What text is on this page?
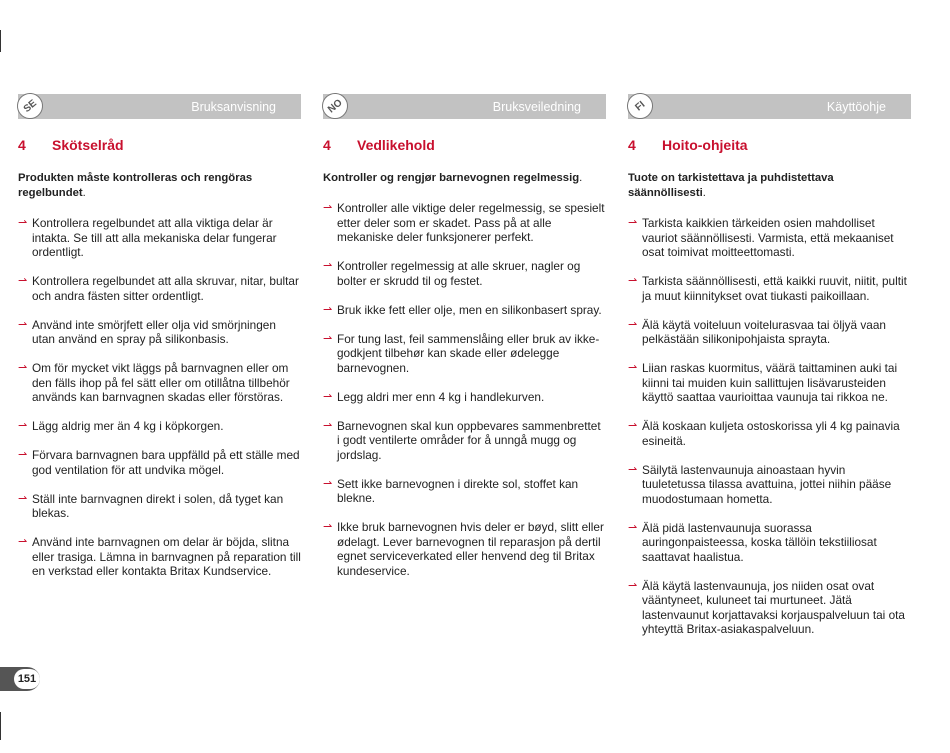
SE	Bruksanvisning
4	Skötselråd
Produkten måste kontrolleras och rengöras regelbundet.
⇀ Kontrollera regelbundet att alla viktiga delar är intakta. Se till att alla mekaniska delar fungerar ordentligt.
⇀ Kontrollera regelbundet att alla skruvar, nitar, bultar och andra fästen sitter ordentligt.
⇀ Använd inte smörjfett eller olja vid smörjningen utan använd en spray på silikonbasis.
⇀ Om för mycket vikt läggs på barnvagnen eller om den fälls ihop på fel sätt eller om otillåtna tillbehör används kan barnvagnen skadas eller förstöras.
⇀ Lägg aldrig mer än 4 kg i köpkorgen.
⇀ Förvara barnvagnen bara uppfälld på ett ställe med god ventilation för att undvika mögel.
⇀ Ställ inte barnvagnen direkt i solen, då tyget kan blekas.
⇀ Använd inte barnvagnen om delar är böjda, slitna eller trasiga. Lämna in barnvagnen på reparation till en verkstad eller kontakta Britax Kundservice.
NO	Bruksveiledning
4	Vedlikehold
Kontroller og rengjør barnevognen regelmessig.
⇀ Kontroller alle viktige deler regelmessig, se spesielt etter deler som er skadet. Pass på at alle mekaniske deler funksjonerer perfekt.
⇀ Kontroller regelmessig at alle skruer, nagler og bolter er skrudd til og festet.
⇀ Bruk ikke fett eller olje, men en silikonbasert spray.
⇀ For tung last, feil sammenslåing eller bruk av ikke-godkjent tilbehør kan skade eller ødelegge barnevognen.
⇀ Legg aldri mer enn 4 kg i handlekurven.
⇀ Barnevognen skal kun oppbevares sammenbrettet i godt ventilerte områder for å unngå mugg og jordslag.
⇀ Sett ikke barnevognen i direkte sol, stoffet kan blekne.
⇀ Ikke bruk barnevognen hvis deler er bøyd, slitt eller ødelagt. Lever barnevognen til reparasjon på dertil egnet serviceverkated eller henvend deg til Britax kundeservice.
FI	Käyttöohje
4	Hoito-ohjeita
Tuote on tarkistettava ja puhdistettava säännöllisesti.
⇀ Tarkista kaikkien tärkeiden osien mahdolliset vauriot säännöllisesti. Varmista, että mekaaniset osat toimivat moitteettomasti.
⇀ Tarkista säännöllisesti, että kaikki ruuvit, niitit, pultit ja muut kiinnitykset ovat tiukasti paikoillaan.
⇀ Älä käytä voiteluun voitelurasvaa tai öljyä vaan pelkästään silikonipohjaista sprayta.
⇀ Liian raskas kuormitus, väärä taittaminen auki tai kiinni tai muiden kuin sallittujen lisävarusteiden käyttö saattaa vaurioittaa vaunuja tai rikkoa ne.
⇀ Älä koskaan kuljeta ostoskorissa yli 4 kg painavia esineitä.
⇀ Säilytä lastenvaunuja ainoastaan hyvin tuuletetussa tilassa avattuina, jottei niihin pääse muodostumaan hometta.
⇀ Älä pidä lastenvaunuja suorassa auringonpaisteessa, koska tällöin tekstiiliosat saattavat haalistua.
⇀ Älä käytä lastenvaunuja, jos niiden osat ovat vääntyneet, kuluneet tai murtuneet. Jätä lastenvaunut korjattavaksi korjauspalveluun tai ota yhteyttä Britax-asiakaspalveluun.
151
